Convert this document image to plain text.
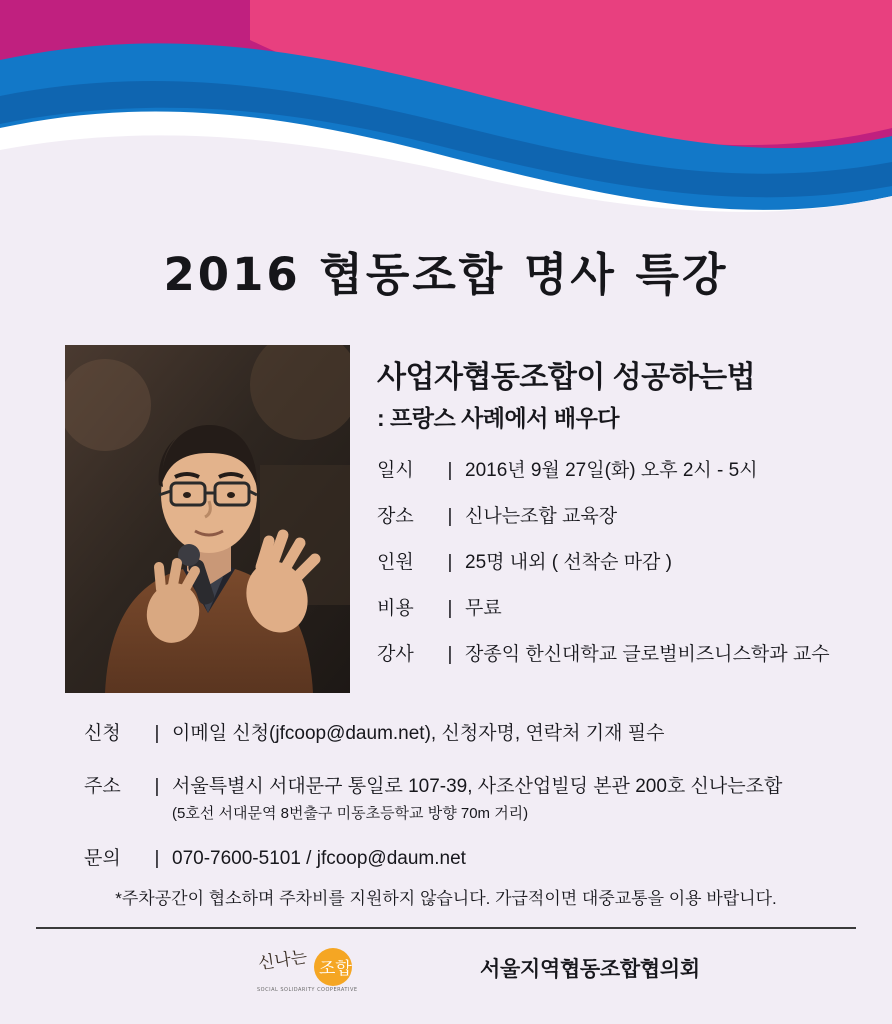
2016 협동조합 명사 특강
사업자협동조합이 성공하는법
: 프랑스 사례에서 배우다
일시	| 2016년 9월 27일(화) 오후 2시 - 5시
장소	| 신나는조합 교육장
인원	| 25명 내외 ( 선착순 마감 )
비용	| 무료
강사	| 장종익 한신대학교 글로벌비즈니스학과 교수
신청	| 이메일 신청(jfcoop@daum.net), 신청자명, 연락처 기재 필수
주소	| 서울특별시 서대문구 통일로 107-39, 사조산업빌딩 본관 200호 신나는조합
(5호선 서대문역 8번출구 미동초등학교 방향 70m 거리)
문의	| 070-7600-5101 / jfcoop@daum.net
*주차공간이 협소하며 주차비를 지원하지 않습니다. 가급적이면 대중교통을 이용 바랍니다.
신나는 조합
SOCIAL SOLIDARITY COOPERATIVE
서울지역협동조합협의회
